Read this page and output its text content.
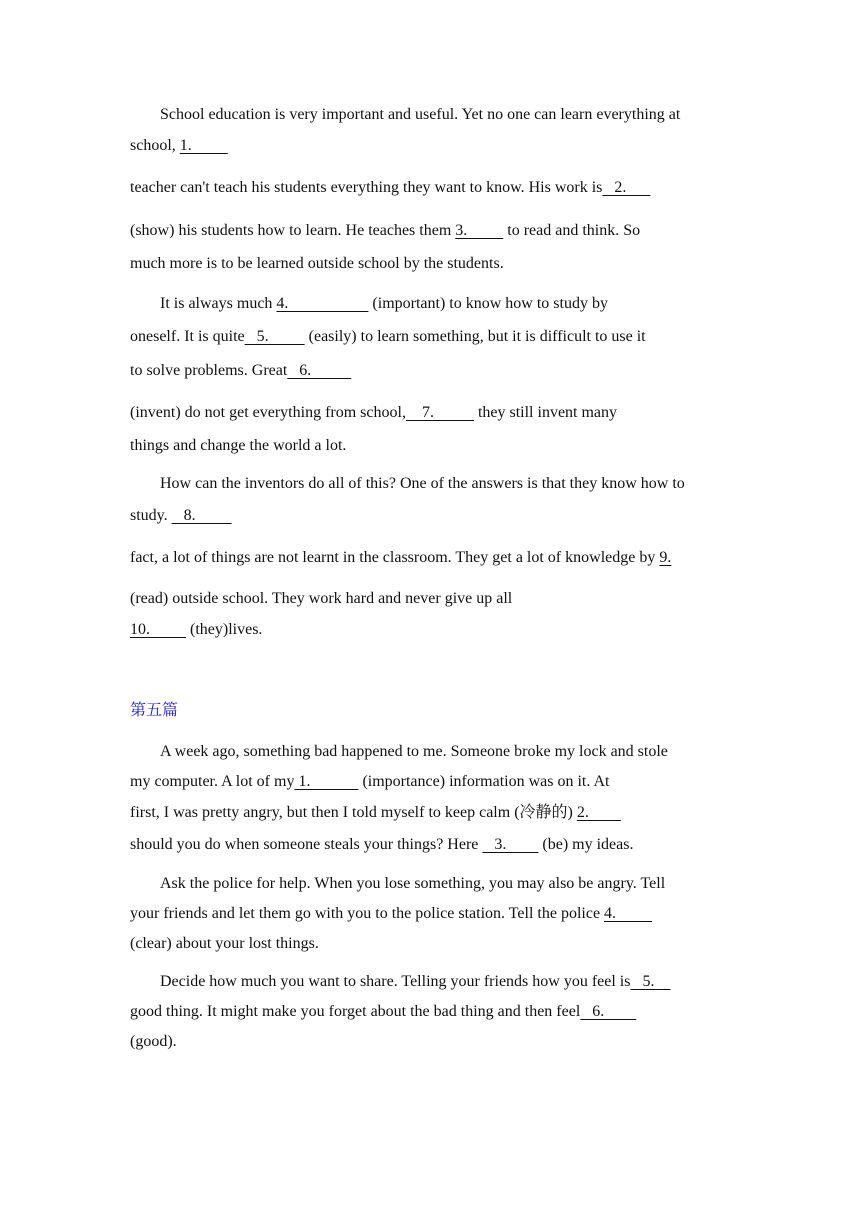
School education is very important and useful. Yet no one can learn everything at
school, 1.
teacher can't teach his students everything they want to know. His work is   2.
(show) his students how to learn. He teaches them 3.          to read and think. So
much more is to be learned outside school by the students.
It is always much 4.                     (important) to know how to study by
oneself. It is quite   5.          (easily) to learn something, but it is difficult to use it
to solve problems. Great   6.
(invent) do not get everything from school,    7.           they still invent many
things and change the world a lot.
How can the inventors do all of this? One of the answers is that they know how to
study.    8.
fact, a lot of things are not learnt in the classroom. They get a lot of knowledge by 9.
(read) outside school. They work hard and never give up all
10.          (they)lives.
第五篇
A week ago, something bad happened to me. Someone broke my lock and stole
my computer. A lot of my 1.             (importance) information was on it. At
first, I was pretty angry, but then I told myself to keep calm (冷静的) 2.
should you do when someone steals your things? Here    3.         (be) my ideas.
Ask the police for help. When you lose something, you may also be angry. Tell
your friends and let them go with you to the police station. Tell the police 4.
(clear) about your lost things.
Decide how much you want to share. Telling your friends how you feel is   5.
good thing. It might make you forget about the bad thing and then feel   6.
(good).
